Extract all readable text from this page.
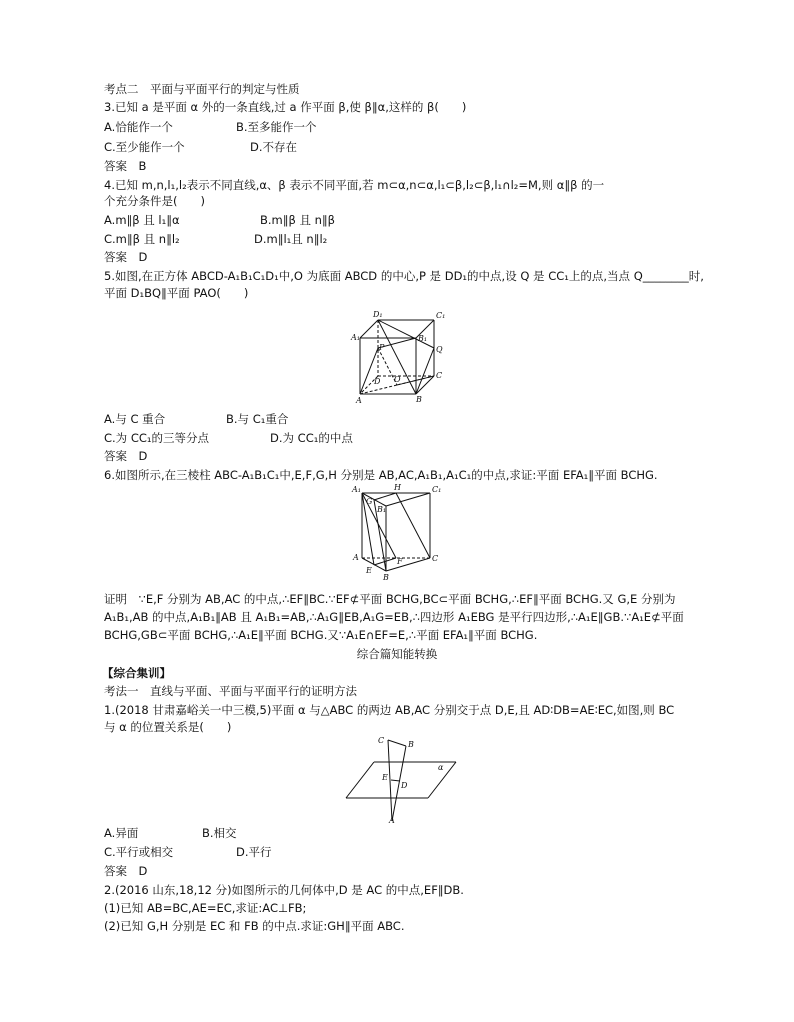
考点二　平面与平面平行的判定与性质
3.已知 a 是平面 α 外的一条直线,过 a 作平面 β,使 β∥α,这样的 β(　　)
A.恰能作一个	B.至多能作一个
C.至少能作一个	D.不存在
答案　B
4.已知 m,n,l₁,l₂表示不同直线,α、β 表示不同平面,若 m⊂α,n⊂α,l₁⊂β,l₂⊂β,l₁∩l₂=M,则 α∥β 的一
个充分条件是(　　)
A.m∥β 且 l₁∥α	B.m∥β 且 n∥β
C.m∥β 且 n∥l₂	D.m∥l₁且 n∥l₂
答案　D
5.如图,在正方体 ABCD-A₁B₁C₁D₁中,O 为底面 ABCD 的中心,P 是 DD₁的中点,设 Q 是 CC₁上的点,当点 Q________时,
平面 D₁BQ∥平面 PAO(　　)
D₁	C₁
A₁	B₁
P	Q
D
C
O
A	B
A.与 C 重合	B.与 C₁重合
C.为 CC₁的三等分点	D.为 CC₁的中点
答案　D
6.如图所示,在三棱柱 ABC-A₁B₁C₁中,E,F,G,H 分别是 AB,AC,A₁B₁,A₁C₁的中点,求证:平面 EFA₁∥平面 BCHG.
A₁	H	C₁
G
B₁
A	F	C
E
B
证明　∵E,F 分别为 AB,AC 的中点,∴EF∥BC.∵EF⊄平面 BCHG,BC⊂平面 BCHG,∴EF∥平面 BCHG.又 G,E 分别为
A₁B₁,AB 的中点,A₁B₁∥AB 且 A₁B₁=AB,∴A₁G∥EB,A₁G=EB,∴四边形 A₁EBG 是平行四边形,∴A₁E∥GB.∵A₁E⊄平面
BCHG,GB⊂平面 BCHG,∴A₁E∥平面 BCHG.又∵A₁E∩EF=E,∴平面 EFA₁∥平面 BCHG.
综合篇知能转换
【综合集训】
考法一　直线与平面、平面与平面平行的证明方法
1.(2018 甘肃嘉峪关一中三模,5)平面 α 与△ABC 的两边 AB,AC 分别交于点 D,E,且 AD∶DB=AE∶EC,如图,则 BC
与 α 的位置关系是(　　)
C	B
α
E
D
A
A.异面	B.相交
C.平行或相交	D.平行
答案　D
2.(2016 山东,18,12 分)如图所示的几何体中,D 是 AC 的中点,EF∥DB.
(1)已知 AB=BC,AE=EC,求证:AC⊥FB;
(2)已知 G,H 分别是 EC 和 FB 的中点.求证:GH∥平面 ABC.
